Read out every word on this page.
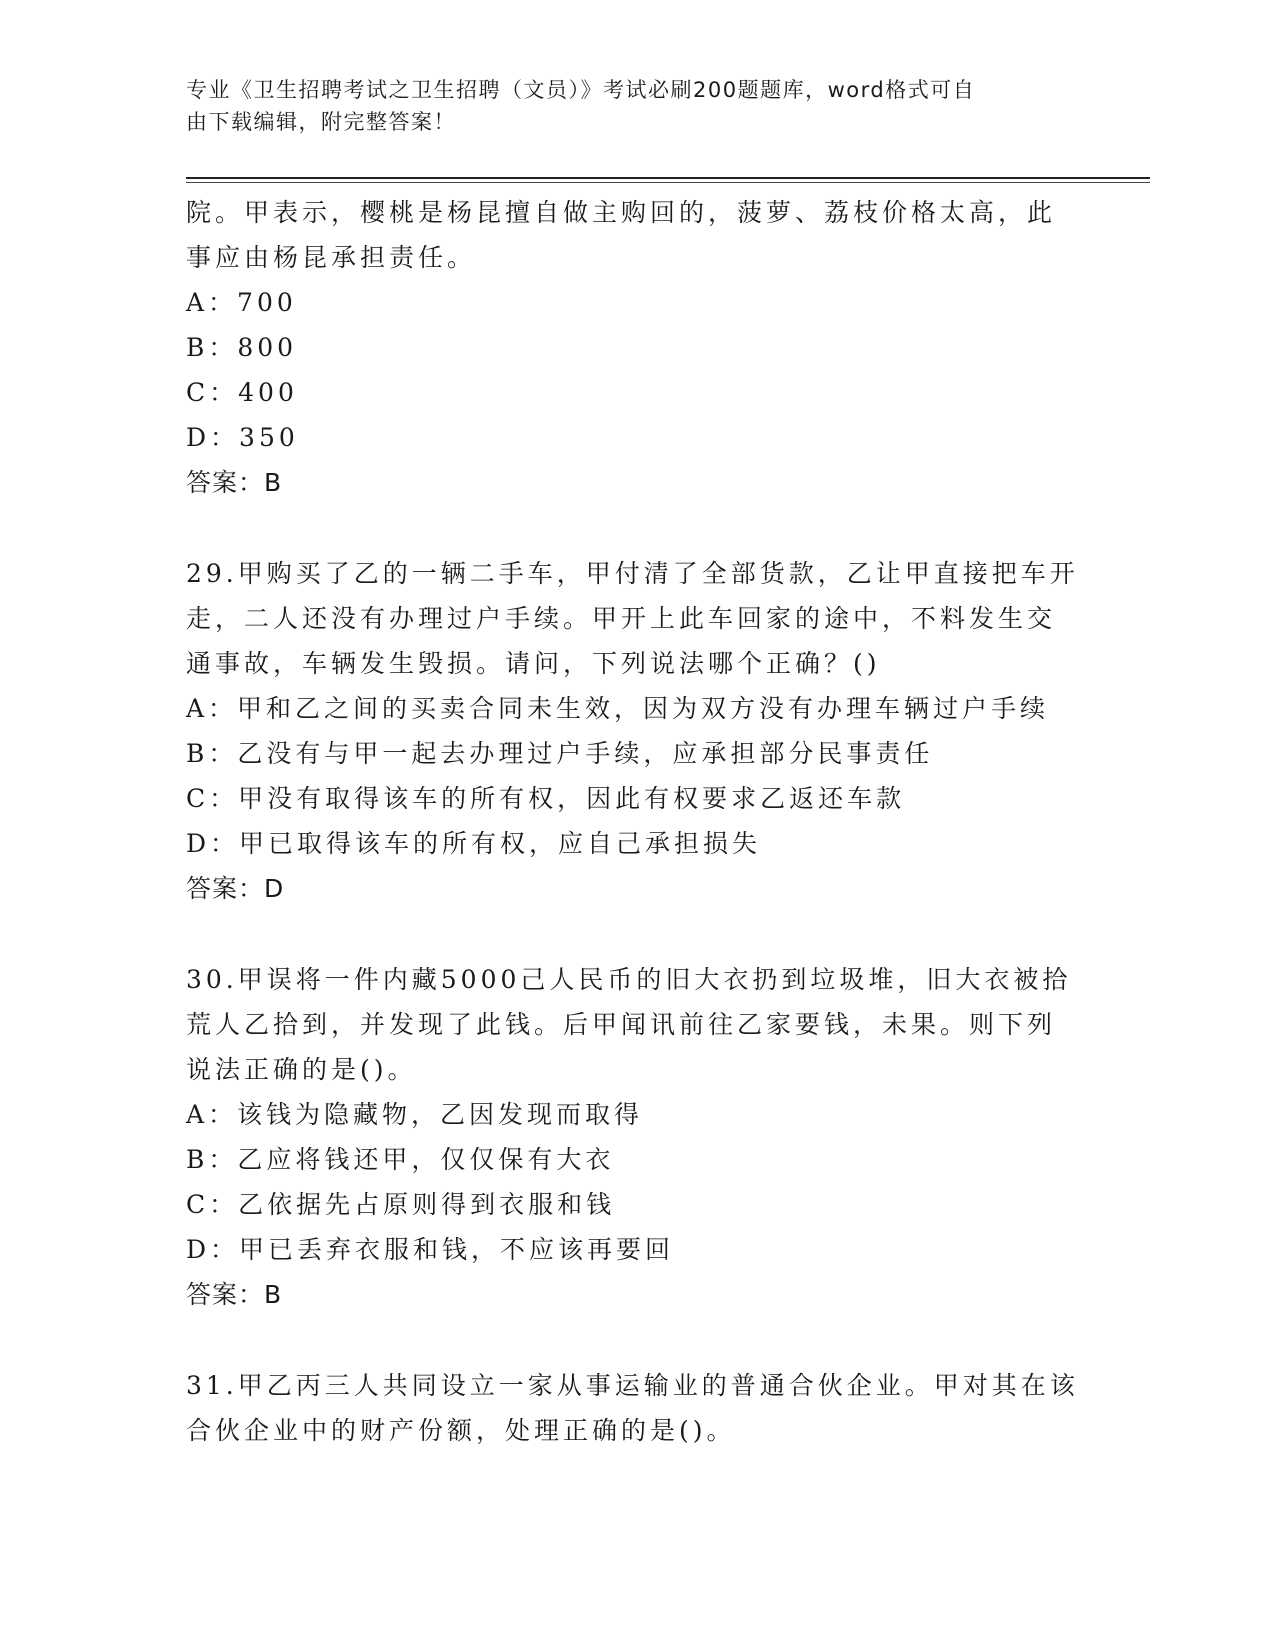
专业《卫生招聘考试之卫生招聘（文员）》考试必刷200题题库，word格式可自
由下载编辑，附完整答案！
院。甲表示，樱桃是杨昆擅自做主购回的，菠萝、荔枝价格太高，此
事应由杨昆承担责任。
A：700
B：800
C：400
D：350
答案：B
29.甲购买了乙的一辆二手车，甲付清了全部货款，乙让甲直接把车开
走，二人还没有办理过户手续。甲开上此车回家的途中，不料发生交
通事故，车辆发生毁损。请问，下列说法哪个正确？()
A：甲和乙之间的买卖合同未生效，因为双方没有办理车辆过户手续
B：乙没有与甲一起去办理过户手续，应承担部分民事责任
C：甲没有取得该车的所有权，因此有权要求乙返还车款
D：甲已取得该车的所有权，应自己承担损失
答案：D
30.甲误将一件内藏5000己人民币的旧大衣扔到垃圾堆，旧大衣被拾
荒人乙拾到，并发现了此钱。后甲闻讯前往乙家要钱，未果。则下列
说法正确的是()。
A：该钱为隐藏物，乙因发现而取得
B：乙应将钱还甲，仅仅保有大衣
C：乙依据先占原则得到衣服和钱
D：甲已丢弃衣服和钱，不应该再要回
答案：B
31.甲乙丙三人共同设立一家从事运输业的普通合伙企业。甲对其在该
合伙企业中的财产份额，处理正确的是()。
